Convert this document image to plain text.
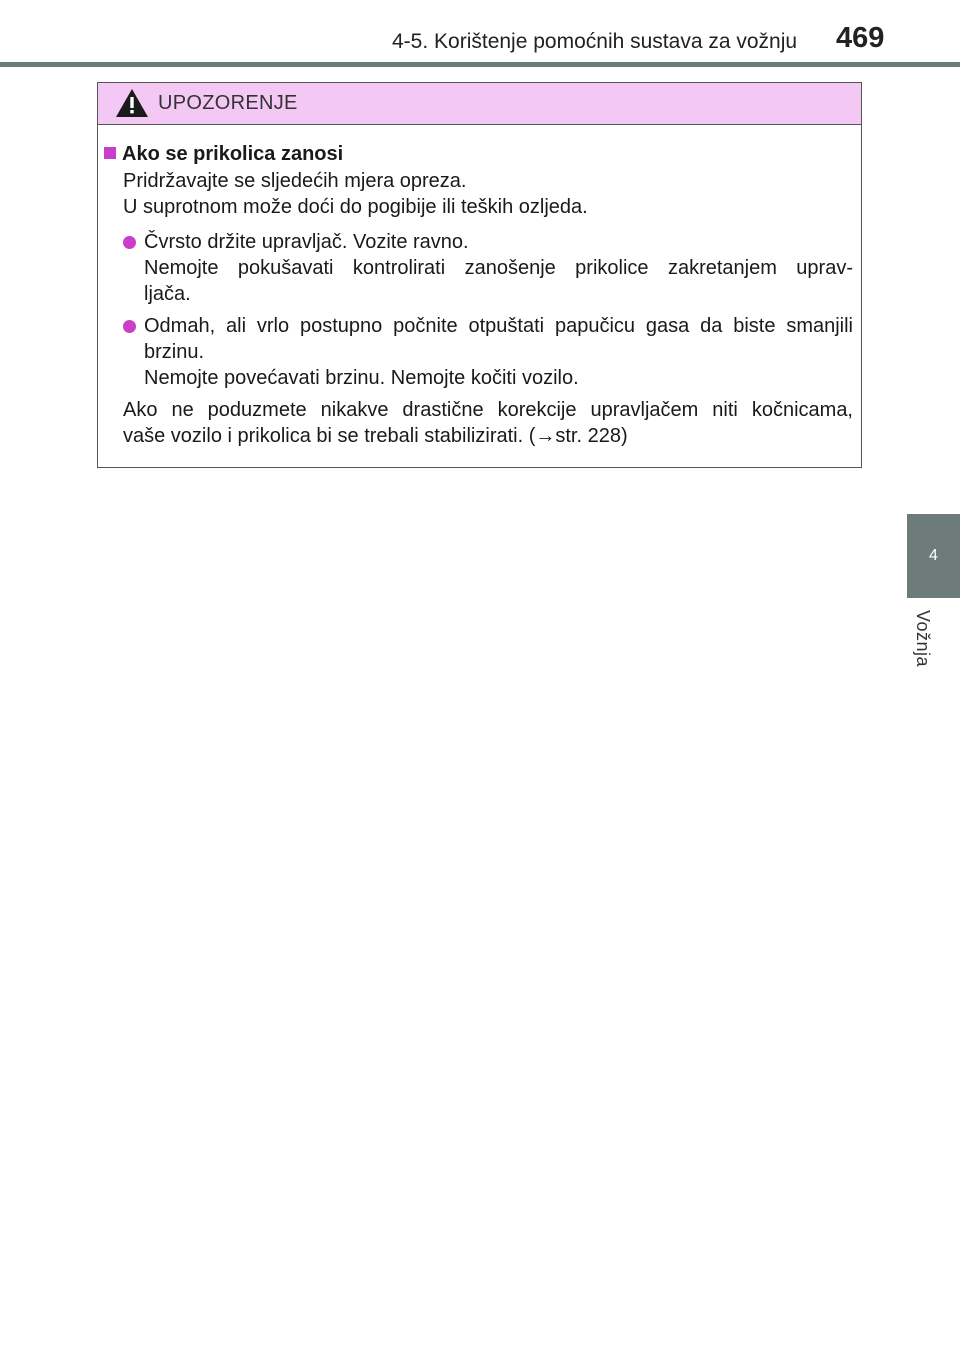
4-5. Korištenje pomoćnih sustava za vožnju 469
4
Vožnja
UPOZORENJE
Ako se prikolica zanosi
Pridržavajte se sljedećih mjera opreza.
U suprotnom može doći do pogibije ili teških ozljeda.
Čvrsto držite upravljač. Vozite ravno.
Nemojte pokušavati kontrolirati zanošenje prikolice zakretanjem uprav-
ljača.
Odmah, ali vrlo postupno počnite otpuštati papučicu gasa da biste smanjili
brzinu.
Nemojte povećavati brzinu. Nemojte kočiti vozilo.
Ako ne poduzmete nikakve drastične korekcije upravljačem niti kočnicama,
vaše vozilo i prikolica bi se trebali stabilizirati. (→str. 228)
